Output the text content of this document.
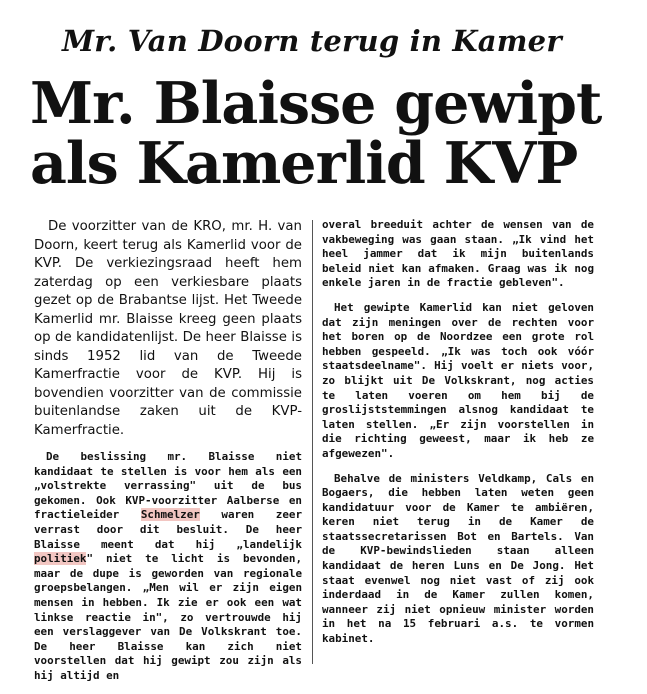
Mr. Van Doorn terug in Kamer
Mr. Blaisse gewipt
als Kamerlid KVP

De voorzitter van de KRO, mr. H. van Doorn, keert terug als Kamerlid voor de KVP. De verkiezingsraad heeft hem zaterdag op een verkiesbare plaats gezet op de Brabantse lijst. Het Tweede Kamerlid mr. Blaisse kreeg geen plaats op de kandidatenlijst. De heer Blaisse is sinds 1952 lid van de Tweede Kamerfractie voor de KVP. Hij is bovendien voorzitter van de commissie buitenlandse zaken uit de KVP-Kamerfractie.

De beslissing mr. Blaisse niet kandidaat te stellen is voor hem als een „volstrekte verrassing" uit de bus gekomen. Ook KVP-voorzitter Aalberse en fractieleider Schmelzer waren zeer verrast door dit besluit. De heer Blaisse meent dat hij „landelijk politiek" niet te licht is bevonden, maar de dupe is geworden van regionale groepsbelangen. „Men wil er zijn eigen mensen in hebben. Ik ziе er ook een wat linkse reactie in", zo vertrouwde hij een verslaggever van De Volkskrant toe. De heer Blaisse kan zich niet voorstellen dat hij gewipt zou zijn als hij altijd en

overal breeduit achter de wensen van de vakbeweging was gaan staan. „Ik vind het heel jammer dat ik mijn buitenlands beleid niet kan afmaken. Graag was ik nog enkele jaren in de fractie gebleven".

Het gewipte Kamerlid kan niet geloven dat zijn meningen over de rechten voor het boren op de Noordzee een grote rol hebben gespeeld. „Ik was toch ook vóór staatsdeelname". Hij voelt er niets voor, zo blijkt uit De Volkskrant, nog acties te laten voeren om hem bij de groslijststemmingen alsnog kandidaat te laten stellen. „Er zijn voorstellen in die richting geweest, maar ik heb ze afgewezen".

Behalve de ministers Veldkamp, Cals en Bogaers, die hebben laten weten geen kandidatuur voor de Kamer te ambiëren, keren niet terug in de Kamer de staatssecretarissen Bot en Bartels. Van de KVP-bewindslieden staan alleen kandidaat de heren Luns en De Jong. Het staat evenwel nog niet vast of zij ook inderdaad in de Kamer zullen komen, wanneer zij niet opnieuw minister worden in het na 15 februari a.s. te vormen kabinet.
